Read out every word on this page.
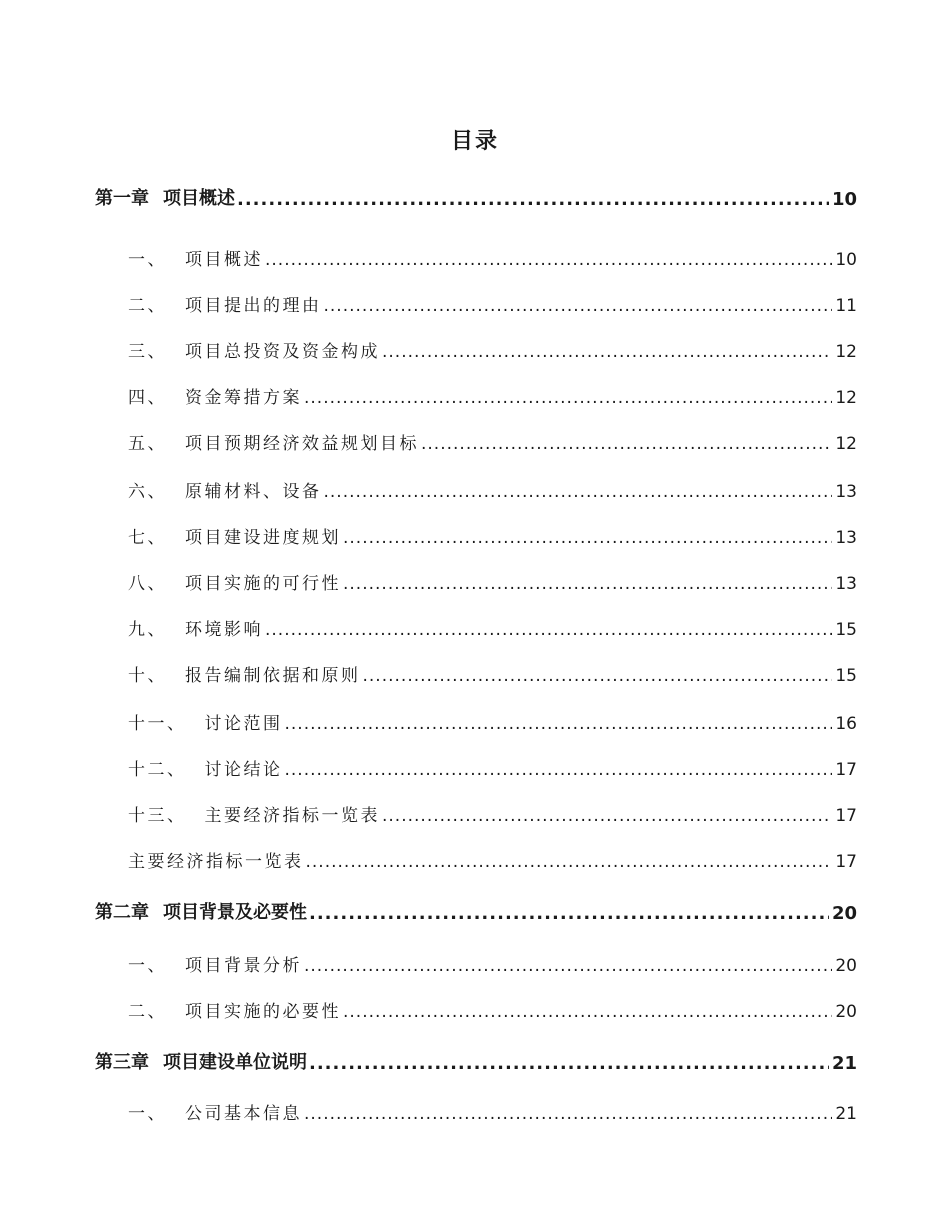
目录
第一章 项目概述 .....	10
一、 项目概述 .....	10
二、 项目提出的理由 .....	11
三、 项目总投资及资金构成 .....	12
四、 资金筹措方案 .....	12
五、 项目预期经济效益规划目标 .....	12
六、 原辅材料、设备 .....	13
七、 项目建设进度规划 .....	13
八、 项目实施的可行性 .....	13
九、 环境影响 .....	15
十、 报告编制依据和原则 .....	15
十一、 讨论范围 .....	16
十二、 讨论结论 .....	17
十三、 主要经济指标一览表 .....	17
主要经济指标一览表 .....	17
第二章 项目背景及必要性 .....	20
一、 项目背景分析 .....	20
二、 项目实施的必要性 .....	20
第三章 项目建设单位说明 .....	21
一、 公司基本信息 .....	21
